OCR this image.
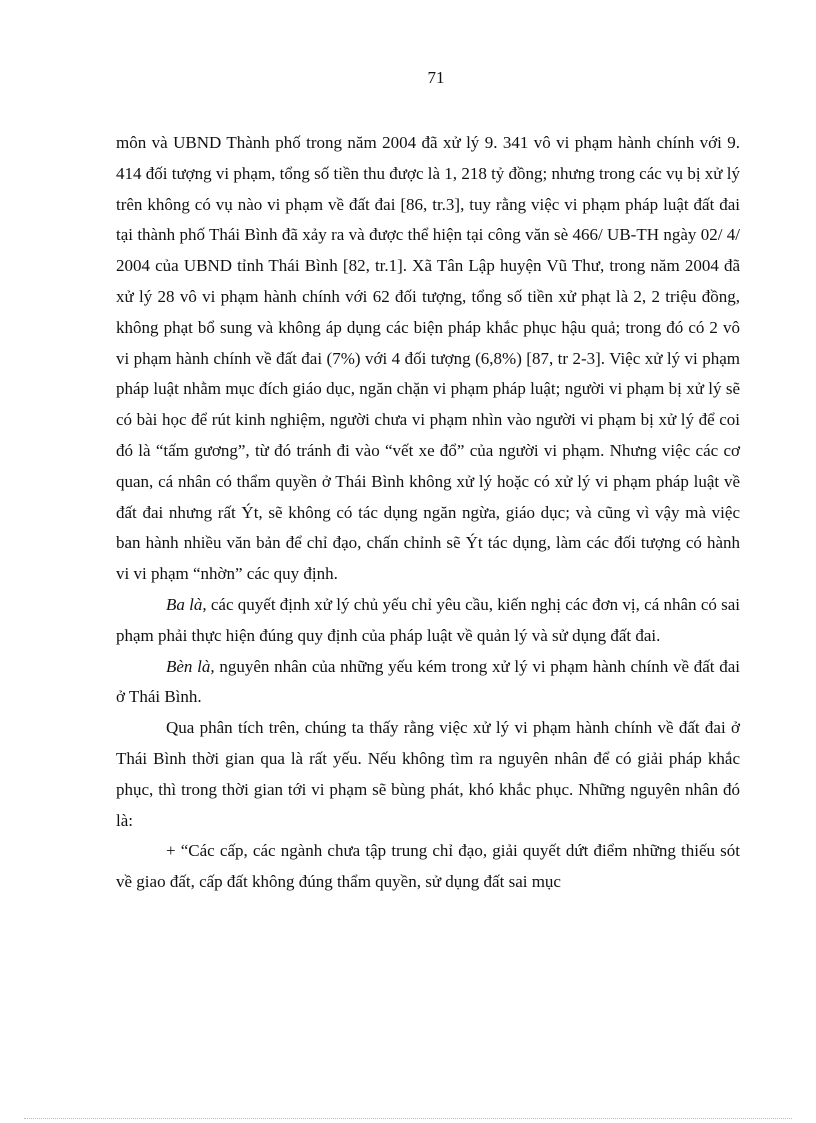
71

môn và UBND Thành phố trong năm 2004 đã xử lý 9. 341 vô vi phạm hành chính với 9. 414 đối tượng vi phạm, tổng số tiền thu được là 1, 218 tỷ đồng; nhưng trong các vụ bị xử lý trên không có vụ nào vi phạm về đất đai [86, tr.3], tuy rằng việc vi phạm pháp luật đất đai tại thành phố Thái Bình đã xảy ra và được thể hiện tại công văn sè 466/ UB-TH ngày 02/ 4/ 2004 của UBND tỉnh Thái Bình [82, tr.1]. Xã Tân Lập huyện Vũ Thư, trong năm 2004 đã xử lý 28 vô vi phạm hành chính với 62 đối tượng, tổng số tiền xử phạt là 2, 2 triệu đồng, không phạt bổ sung và không áp dụng các biện pháp khắc phục hậu quả; trong đó có 2 vô vi phạm hành chính về đất đai (7%) với 4 đối tượng (6,8%) [87, tr 2-3]. Việc xử lý vi phạm pháp luật nhằm mục đích giáo dục, ngăn chặn vi phạm pháp luật; người vi phạm bị xử lý sẽ có bài học để rút kinh nghiệm, người chưa vi phạm nhìn vào người vi phạm bị xử lý để coi đó là “tấm gương”, từ đó tránh đi vào “vết xe đổ” của người vi phạm. Nhưng việc các cơ quan, cá nhân có thẩm quyền ở Thái Bình không xử lý hoặc có xử lý vi phạm pháp luật về đất đai nhưng rất Ýt, sẽ không có tác dụng ngăn ngừa, giáo dục; và cũng vì vậy mà việc ban hành nhiều văn bản để chỉ đạo, chấn chỉnh sẽ Ýt tác dụng, làm các đối tượng có hành vi vi phạm “nhờn” các quy định.

Ba là, các quyết định xử lý chủ yếu chỉ yêu cầu, kiến nghị các đơn vị, cá nhân có sai phạm phải thực hiện đúng quy định của pháp luật về quản lý và sử dụng đất đai.

Bèn là, nguyên nhân của những yếu kém trong xử lý vi phạm hành chính về đất đai ở Thái Bình.

Qua phân tích trên, chúng ta thấy rằng việc xử lý vi phạm hành chính về đất đai ở Thái Bình thời gian qua là rất yếu. Nếu không tìm ra nguyên nhân để có giải pháp khắc phục, thì trong thời gian tới vi phạm sẽ bùng phát, khó khắc phục. Những nguyên nhân đó là:

+ “Các cấp, các ngành chưa tập trung chỉ đạo, giải quyết dứt điểm những thiếu sót về giao đất, cấp đất không đúng thẩm quyền, sử dụng đất sai mục
